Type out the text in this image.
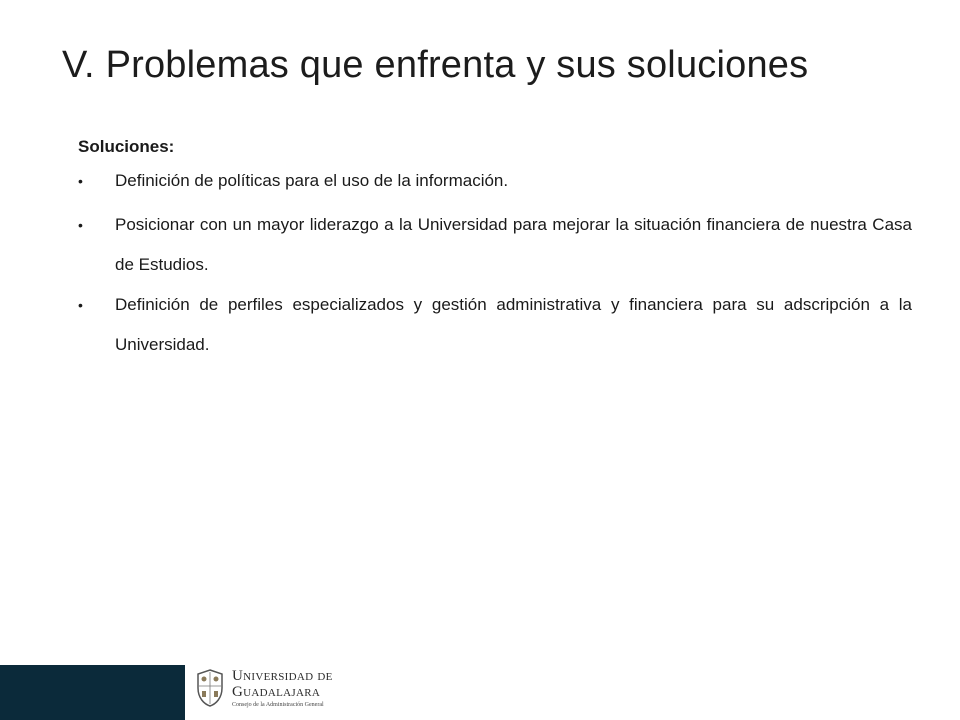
V. Problemas que enfrenta y sus soluciones
Soluciones:
• Definición de políticas para el uso de la información.
• Posicionar con un mayor liderazgo a la Universidad para mejorar la situación financiera de nuestra Casa de Estudios.
• Definición de perfiles especializados y gestión administrativa y financiera para su adscripción a la Universidad.
Universidad de
Guadalajara
Consejo de la Administración General
